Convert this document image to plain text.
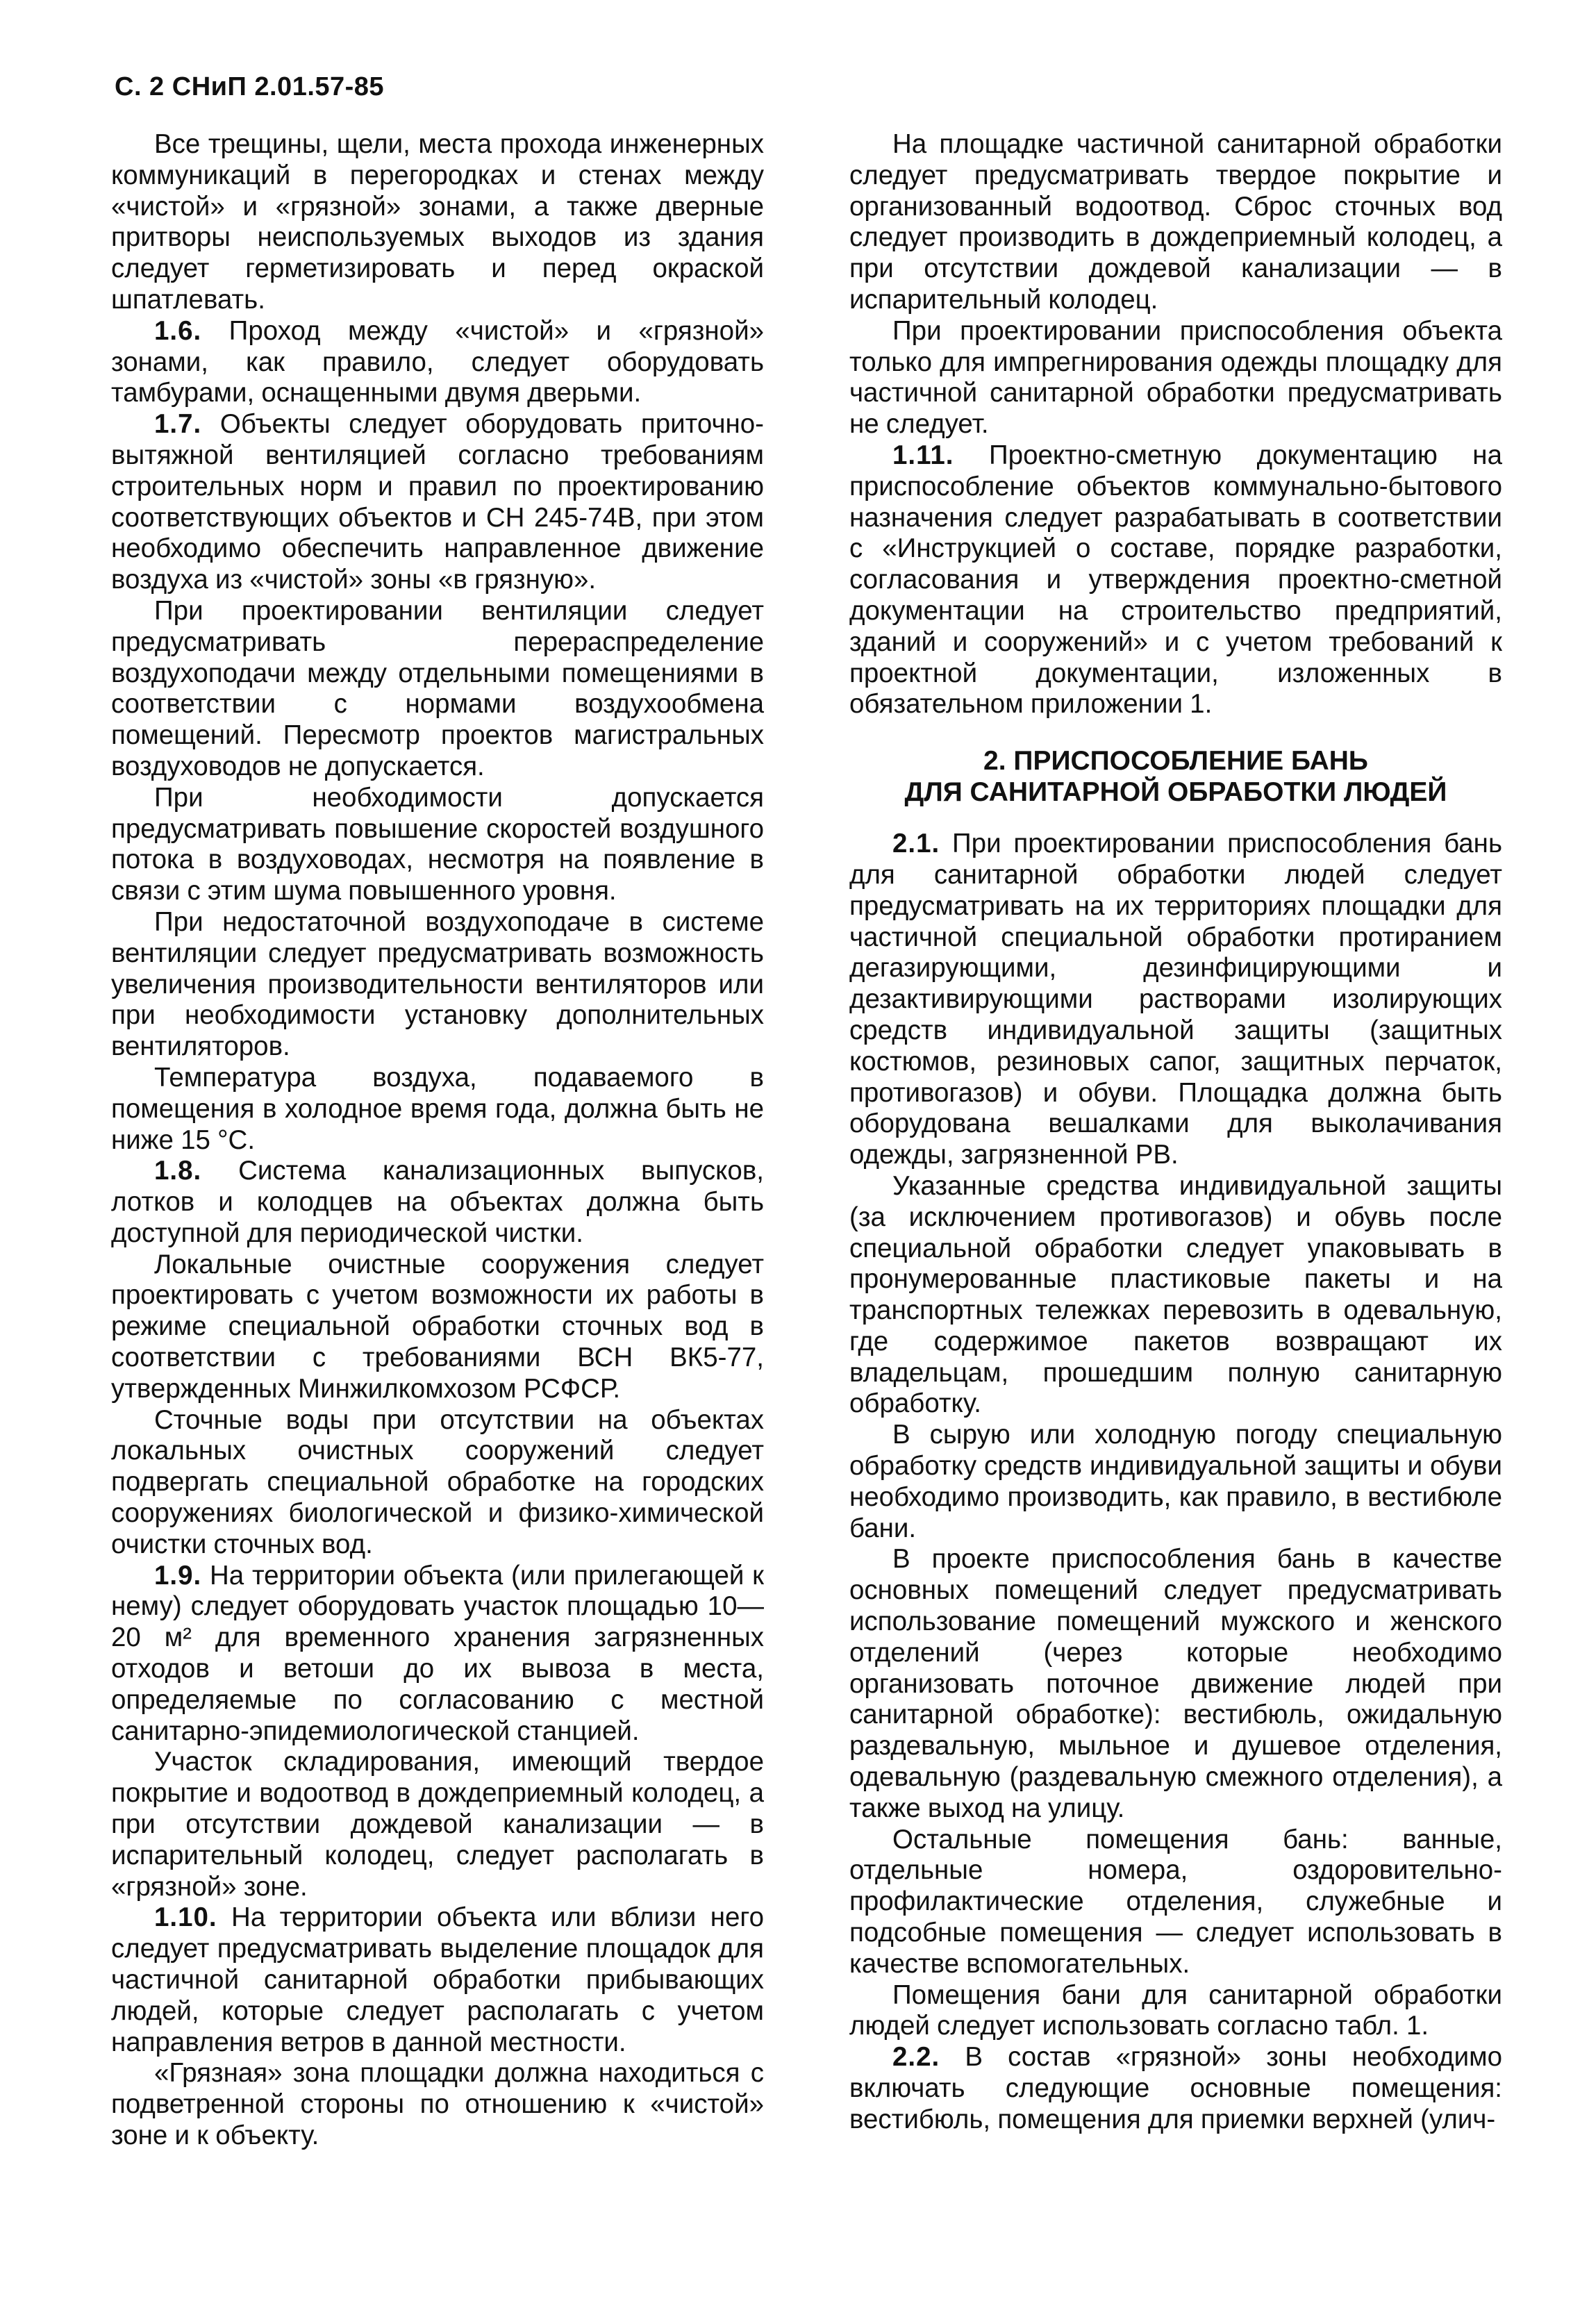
С. 2 СНиП 2.01.57-85

Все трещины, щели, места прохода инженерных коммуникаций в перегородках и стенах между «чистой» и «грязной» зонами, а также дверные притворы неиспользуемых выходов из здания следует герметизировать и перед окраской шпатлевать.

1.6. Проход между «чистой» и «грязной» зонами, как правило, следует оборудовать тамбурами, оснащенными двумя дверьми.

1.7. Объекты следует оборудовать приточно-вытяжной вентиляцией согласно требованиям строительных норм и правил по проектированию соответствующих объектов и СН 245-74В, при этом необходимо обеспечить направленное движение воздуха из «чистой» зоны «в грязную».

При проектировании вентиляции следует предусматривать перераспределение воздухоподачи между отдельными помещениями в соответствии с нормами воздухообмена помещений. Пересмотр проектов магистральных воздуховодов не допускается.

При необходимости допускается предусматривать повышение скоростей воздушного потока в воздуховодах, несмотря на появление в связи с этим шума повышенного уровня.

При недостаточной воздухоподаче в системе вентиляции следует предусматривать возможность увеличения производительности вентиляторов или при необходимости установку дополнительных вентиляторов.

Температура воздуха, подаваемого в помещения в холодное время года, должна быть не ниже 15 °С.

1.8. Система канализационных выпусков, лотков и колодцев на объектах должна быть доступной для периодической чистки.

Локальные очистные сооружения следует проектировать с учетом возможности их работы в режиме специальной обработки сточных вод в соответствии с требованиями ВСН ВК5-77, утвержденных Минжилкомхозом РСФСР.

Сточные воды при отсутствии на объектах локальных очистных сооружений следует подвергать специальной обработке на городских сооружениях биологической и физико-химической очистки сточных вод.

1.9. На территории объекта (или прилегающей к нему) следует оборудовать участок площадью 10—20 м² для временного хранения загрязненных отходов и ветоши до их вывоза в места, определяемые по согласованию с местной санитарно-эпидемиологической станцией.

Участок складирования, имеющий твердое покрытие и водоотвод в дождеприемный колодец, а при отсутствии дождевой канализации — в испарительный колодец, следует располагать в «грязной» зоне.

1.10. На территории объекта или вблизи него следует предусматривать выделение площадок для частичной санитарной обработки прибывающих людей, которые следует располагать с учетом направления ветров в данной местности.

«Грязная» зона площадки должна находиться с подветренной стороны по отношению к «чистой» зоне и к объекту.

На площадке частичной санитарной обработки следует предусматривать твердое покрытие и организованный водоотвод. Сброс сточных вод следует производить в дождеприемный колодец, а при отсутствии дождевой канализации — в испарительный колодец.

При проектировании приспособления объекта только для импрегнирования одежды площадку для частичной санитарной обработки предусматривать не следует.

1.11. Проектно-сметную документацию на приспособление объектов коммунально-бытового назначения следует разрабатывать в соответствии с «Инструкцией о составе, порядке разработки, согласования и утверждения проектно-сметной документации на строительство предприятий, зданий и сооружений» и с учетом требований к проектной документации, изложенных в обязательном приложении 1.

2. ПРИСПОСОБЛЕНИЕ БАНЬ
ДЛЯ САНИТАРНОЙ ОБРАБОТКИ ЛЮДЕЙ

2.1. При проектировании приспособления бань для санитарной обработки людей следует предусматривать на их территориях площадки для частичной специальной обработки протиранием дегазирующими, дезинфицирующими и дезактивирующими растворами изолирующих средств индивидуальной защиты (защитных костюмов, резиновых сапог, защитных перчаток, противогазов) и обуви. Площадка должна быть оборудована вешалками для выколачивания одежды, загрязненной РВ.

Указанные средства индивидуальной защиты (за исключением противогазов) и обувь после специальной обработки следует упаковывать в пронумерованные пластиковые пакеты и на транспортных тележках перевозить в одевальную, где содержимое пакетов возвращают их владельцам, прошедшим полную санитарную обработку.

В сырую или холодную погоду специальную обработку средств индивидуальной защиты и обуви необходимо производить, как правило, в вестибюле бани.

В проекте приспособления бань в качестве основных помещений следует предусматривать использование помещений мужского и женского отделений (через которые необходимо организовать поточное движение людей при санитарной обработке): вестибюль, ожидальную раздевальную, мыльное и душевое отделения, одевальную (раздевальную смежного отделения), а также выход на улицу.

Остальные помещения бань: ванные, отдельные номера, оздоровительно-профилактические отделения, служебные и подсобные помещения — следует использовать в качестве вспомогательных.

Помещения бани для санитарной обработки людей следует использовать согласно табл. 1.

2.2. В состав «грязной» зоны необходимо включать следующие основные помещения: вестибюль, помещения для приемки верхней (улич-
